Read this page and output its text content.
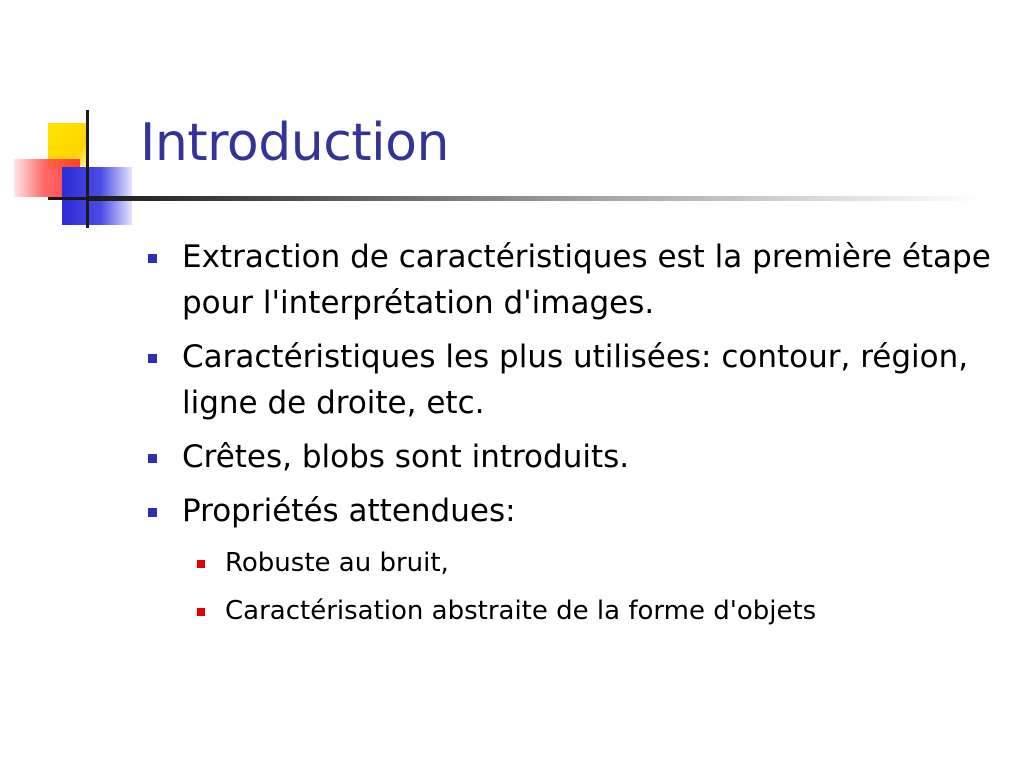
Introduction
Extraction de caractéristiques est la première étape pour l'interprétation d'images.
Caractéristiques les plus utilisées: contour, région, ligne de droite, etc.
Crêtes, blobs sont introduits.
Propriétés attendues:
Robuste au bruit,
Caractérisation abstraite de la forme d'objets
